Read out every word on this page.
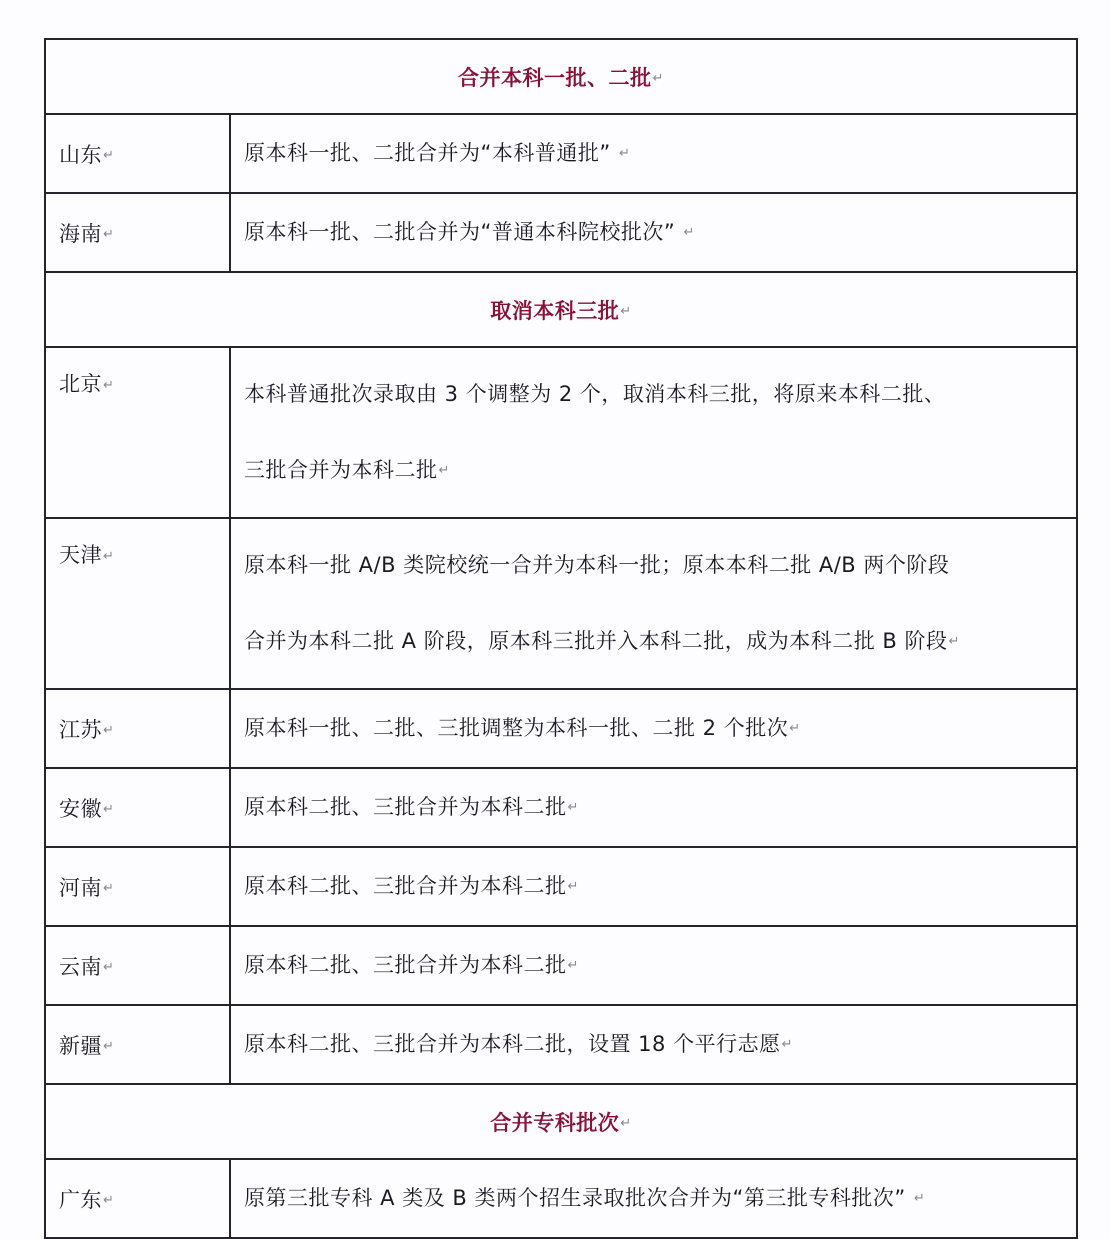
合并本科一批、二批↵	
山东↵	原本科一批、二批合并为“本科普通批” ↵

海南↵	原本科一批、二批合并为“普通本科院校批次” ↵

取消本科三批↵	
北京↵	本科普通批次录取由 3 个调整为 2 个，取消本科三批，将原来本科二批、
三批合并为本科二批↵

天津↵	原本科一批 A/B 类院校统一合并为本科一批；原本本科二批 A/B 两个阶段
合并为本科二批 A 阶段，原本科三批并入本科二批，成为本科二批 B 阶段↵

江苏↵	原本科一批、二批、三批调整为本科一批、二批 2 个批次↵

安徽↵	原本科二批、三批合并为本科二批↵

河南↵	原本科二批、三批合并为本科二批↵

云南↵	原本科二批、三批合并为本科二批↵

新疆↵	原本科二批、三批合并为本科二批，设置 18 个平行志愿↵

合并专科批次↵	
广东↵	原第三批专科 A 类及 B 类两个招生录取批次合并为“第三批专科批次” ↵
